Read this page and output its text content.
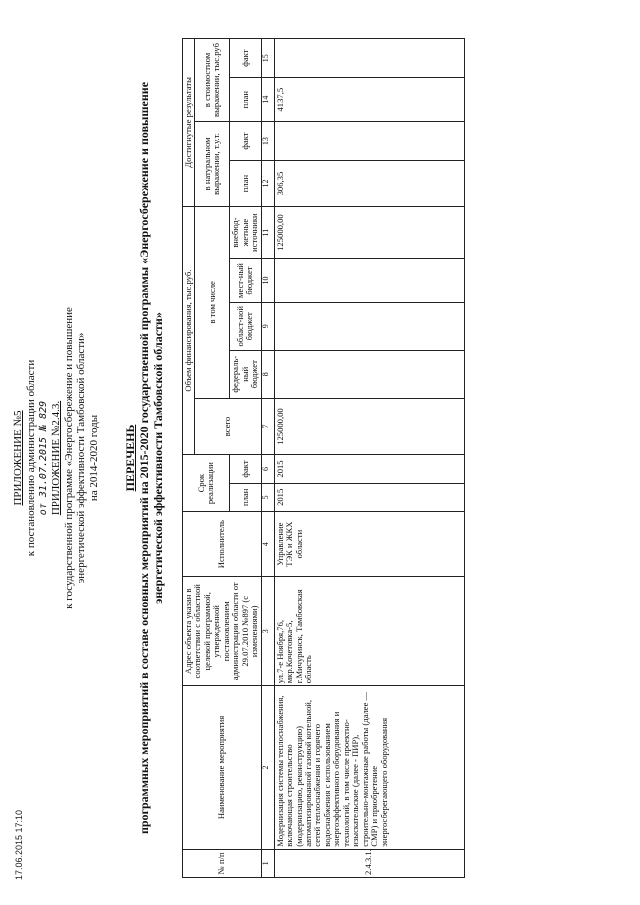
ПРИЛОЖЕНИЕ №5 к постановлению администрации области от 31.07.2015 № 829 ПРИЛОЖЕНИЕ №2.4.3. к государственной программе «Энергосбережение и повышение энергетической эффективности Тамбовской области» на 2014-2020 годы ПЕРЕЧЕНЬ программных мероприятий в составе основных мероприятий на 2015-2020 государственной программы «Энергосбережение и повышение энергетической эффективности Тамбовской области»
№ п/п	Наименование мероприятия	Адрес объекта указан в соответствии с областной целевой программой, утвержденной постановлением администрации области от 29.07.2010 №897 (с изменениями)	Исполнитель	Срок реализации		Объем финансирования, тыс.руб.					Достигнутые результаты			
						всего	в том числе				в натуральном выражении, т.у.т.		в стоимостном выражении, тыс.руб	
				план	факт		федераль-ный бюджет	област-ной бюджет	мест-ный бюджет	внебюд-жетные источники	план	факт	план	факт
1	2	3	4	5	6	7	8	9	10	11	12	13	14	15
2.4.3.1.	Модернизация системы теплоснабжения, включающая строительство (модернизацию, реконструкцию) автоматизированной газовой котельной, сетей теплоснабжения и горячего водоснабжения с использованием энергоэффективного оборудования и технологий, в том числе проектно-изыскательские (далее - ПИР), строительно-монтажные работы (далее — СМР) и приобретение энергосберегающего оборудования	ул.7-е Ноября,76, мкр.Кочетовка-5, г.Мичуринск, Тамбовская область	Управление ТЭК и ЖКХ области	2015	2015	125000,00				125000,00	306,35		4137,5	
17.06.2015 17:10
